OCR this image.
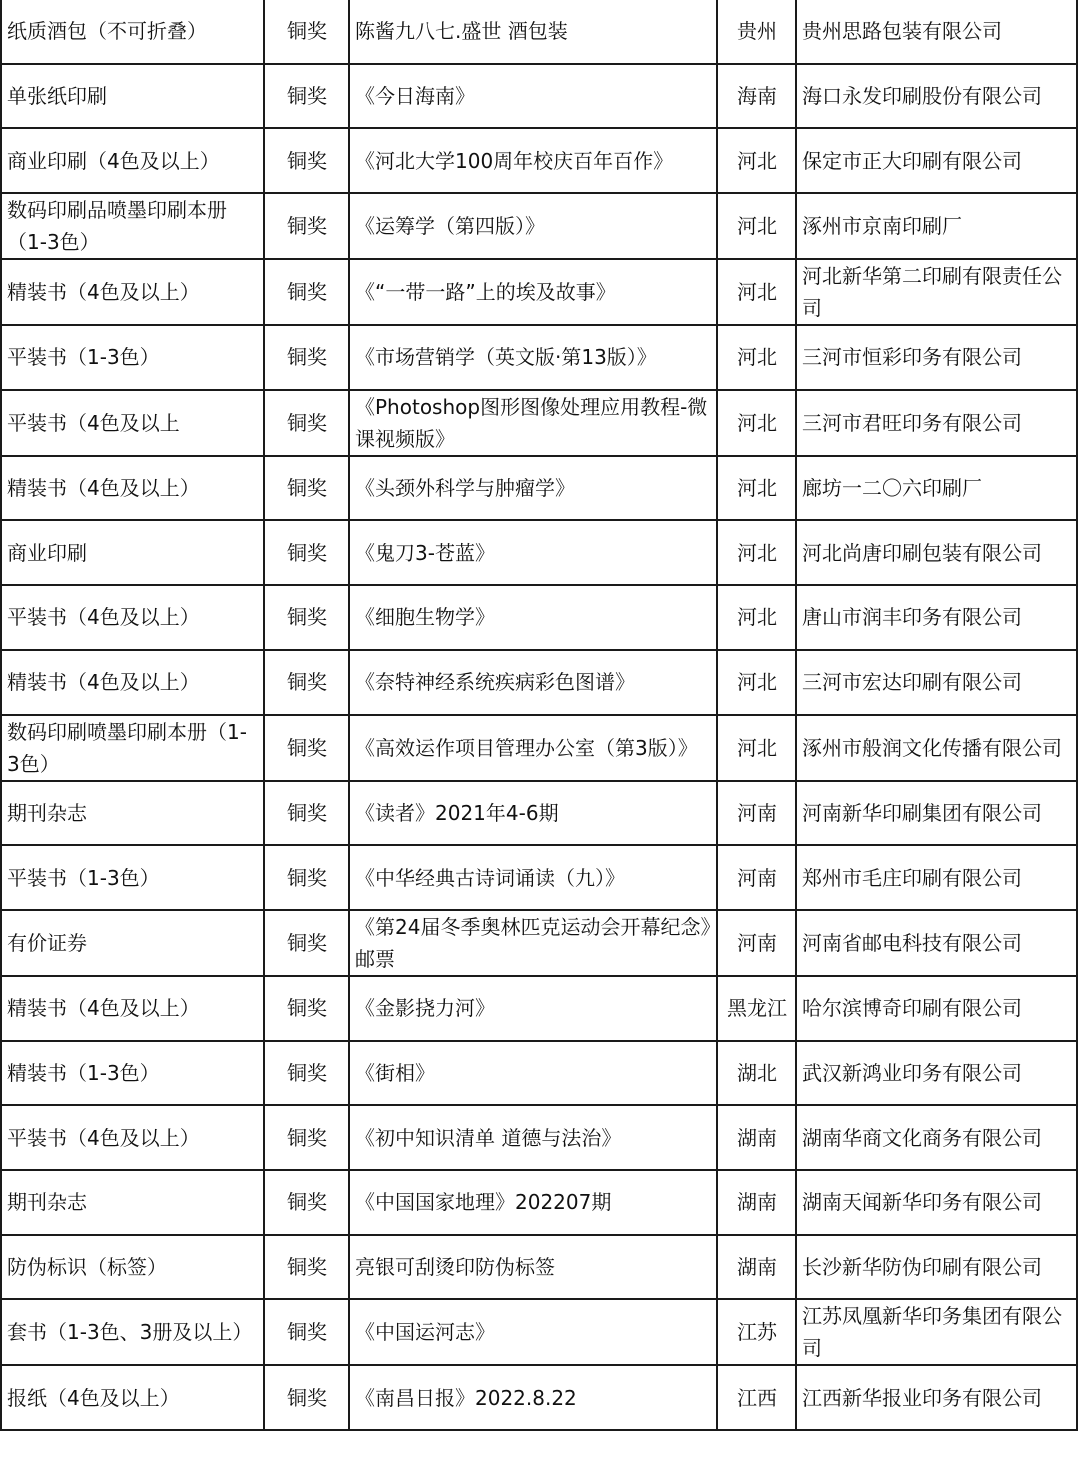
纸质酒包（不可折叠）	铜奖	陈酱九八七.盛世 酒包装	贵州	贵州思路包装有限公司
单张纸印刷	铜奖	《今日海南》	海南	海口永发印刷股份有限公司
商业印刷（4色及以上）	铜奖	《河北大学100周年校庆百年百作》	河北	保定市正大印刷有限公司
数码印刷品喷墨印刷本册（1-3色）	铜奖	《运筹学（第四版）》	河北	涿州市京南印刷厂
精装书（4色及以上）	铜奖	《“一带一路”上的埃及故事》	河北	河北新华第二印刷有限责任公司
平装书（1-3色）	铜奖	《市场营销学（英文版·第13版）》	河北	三河市恒彩印务有限公司
平装书（4色及以上	铜奖	《Photoshop图形图像处理应用教程-微课视频版》	河北	三河市君旺印务有限公司
精装书（4色及以上）	铜奖	《头颈外科学与肿瘤学》	河北	廊坊一二〇六印刷厂
商业印刷	铜奖	《鬼刀3-苍蓝》	河北	河北尚唐印刷包装有限公司
平装书（4色及以上）	铜奖	《细胞生物学》	河北	唐山市润丰印务有限公司
精装书（4色及以上）	铜奖	《奈特神经系统疾病彩色图谱》	河北	三河市宏达印刷有限公司
数码印刷喷墨印刷本册（1-3色）	铜奖	《高效运作项目管理办公室（第3版）》	河北	涿州市般润文化传播有限公司
期刊杂志	铜奖	《读者》2021年4-6期	河南	河南新华印刷集团有限公司
平装书（1-3色）	铜奖	《中华经典古诗词诵读（九）》	河南	郑州市毛庄印刷有限公司
有价证券	铜奖	《第24届冬季奥林匹克运动会开幕纪念》邮票	河南	河南省邮电科技有限公司
精装书（4色及以上）	铜奖	《金影挠力河》	黑龙江	哈尔滨博奇印刷有限公司
精装书（1-3色）	铜奖	《街相》	湖北	武汉新鸿业印务有限公司
平装书（4色及以上）	铜奖	《初中知识清单 道德与法治》	湖南	湖南华商文化商务有限公司
期刊杂志	铜奖	《中国国家地理》202207期	湖南	湖南天闻新华印务有限公司
防伪标识（标签）	铜奖	亮银可刮烫印防伪标签	湖南	长沙新华防伪印刷有限公司
套书（1-3色、3册及以上）	铜奖	《中国运河志》	江苏	江苏凤凰新华印务集团有限公司
报纸（4色及以上）	铜奖	《南昌日报》2022.8.22	江西	江西新华报业印务有限公司
